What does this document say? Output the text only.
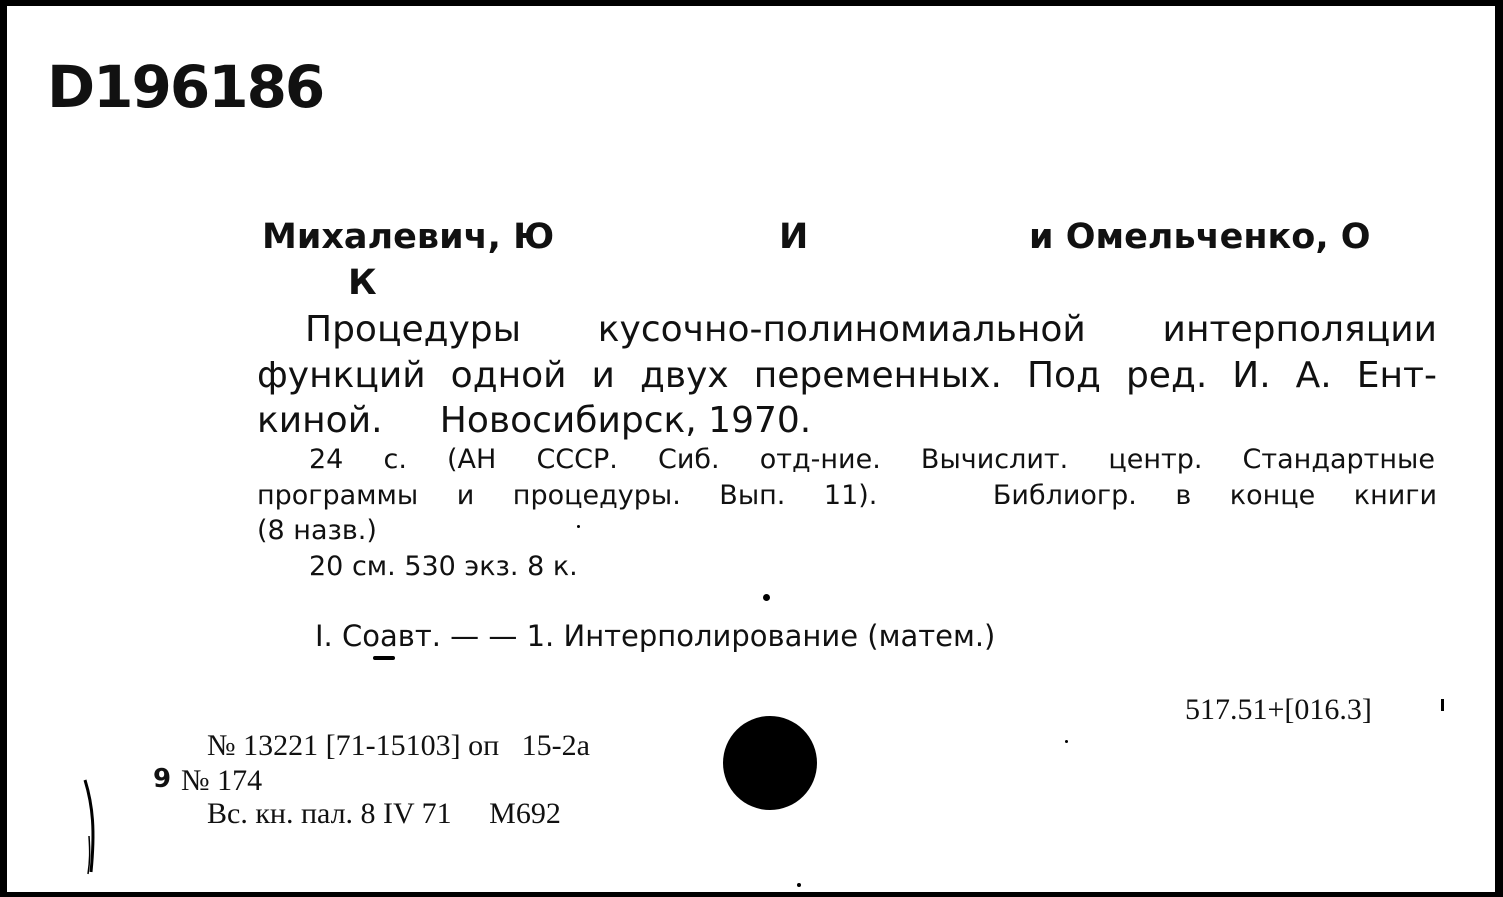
D196186
Михалевич, Ю	И	и Омельченко, О
К
Процедуры кусочно-полиномиальной интерполяции
функций одной и двух переменных. Под ред. И. А. Ент-
киной.     Новосибирск, 1970.
24 с. (АН СССР. Сиб. отд-ние. Вычислит. центр. Стандартные
программы и процедуры. Вып. 11).   Библиогр. в конце книги
(8 назв.)
20 см. 530 экз. 8 к.
I. Соавт. — — 1. Интерполирование (матем.)
517.51+[016.3]
№ 13221 [71-15103] оп   15-2а
9 № 174
Вс. кн. пал. 8 IV 71     М692
